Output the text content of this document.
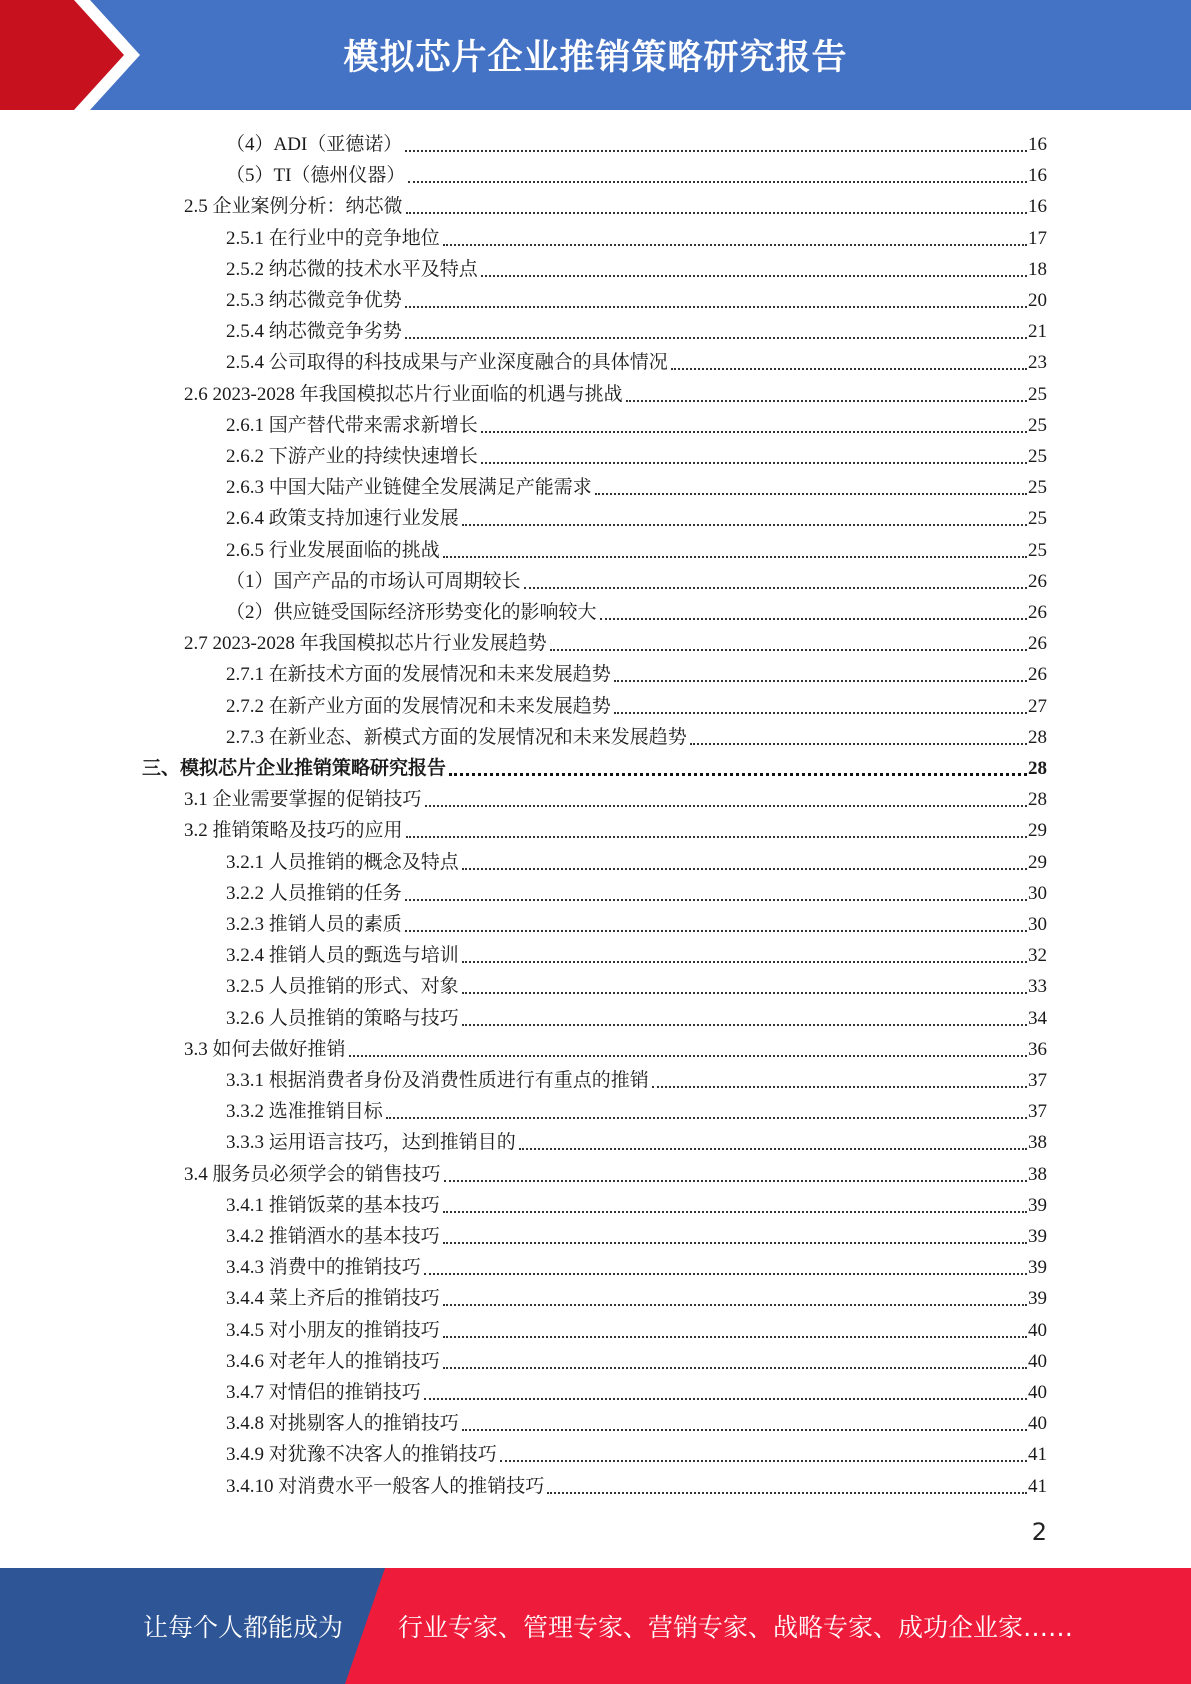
模拟芯片企业推销策略研究报告
（4）ADI（亚德诺）	16
（5）TI（德州仪器）	16
2.5 企业案例分析：纳芯微	16
2.5.1 在行业中的竞争地位	17
2.5.2 纳芯微的技术水平及特点	18
2.5.3 纳芯微竞争优势	20
2.5.4 纳芯微竞争劣势	21
2.5.4 公司取得的科技成果与产业深度融合的具体情况	23
2.6 2023-2028 年我国模拟芯片行业面临的机遇与挑战	25
2.6.1 国产替代带来需求新增长	25
2.6.2 下游产业的持续快速增长	25
2.6.3 中国大陆产业链健全发展满足产能需求	25
2.6.4 政策支持加速行业发展	25
2.6.5 行业发展面临的挑战	25
（1）国产产品的市场认可周期较长	26
（2）供应链受国际经济形势变化的影响较大	26
2.7 2023-2028 年我国模拟芯片行业发展趋势	26
2.7.1 在新技术方面的发展情况和未来发展趋势	26
2.7.2 在新产业方面的发展情况和未来发展趋势	27
2.7.3 在新业态、新模式方面的发展情况和未来发展趋势	28
三、模拟芯片企业推销策略研究报告	28
3.1 企业需要掌握的促销技巧	28
3.2 推销策略及技巧的应用	29
3.2.1 人员推销的概念及特点	29
3.2.2 人员推销的任务	30
3.2.3 推销人员的素质	30
3.2.4 推销人员的甄选与培训	32
3.2.5 人员推销的形式、对象	33
3.2.6 人员推销的策略与技巧	34
3.3 如何去做好推销	36
3.3.1 根据消费者身份及消费性质进行有重点的推销	37
3.3.2 选准推销目标	37
3.3.3 运用语言技巧，达到推销目的	38
3.4 服务员必须学会的销售技巧	38
3.4.1 推销饭菜的基本技巧	39
3.4.2 推销酒水的基本技巧	39
3.4.3 消费中的推销技巧	39
3.4.4 菜上齐后的推销技巧	39
3.4.5 对小朋友的推销技巧	40
3.4.6 对老年人的推销技巧	40
3.4.7 对情侣的推销技巧	40
3.4.8 对挑剔客人的推销技巧	40
3.4.9 对犹豫不决客人的推销技巧	41
3.4.10 对消费水平一般客人的推销技巧	41
2
让每个人都能成为 行业专家、管理专家、营销专家、战略专家、成功企业家……
